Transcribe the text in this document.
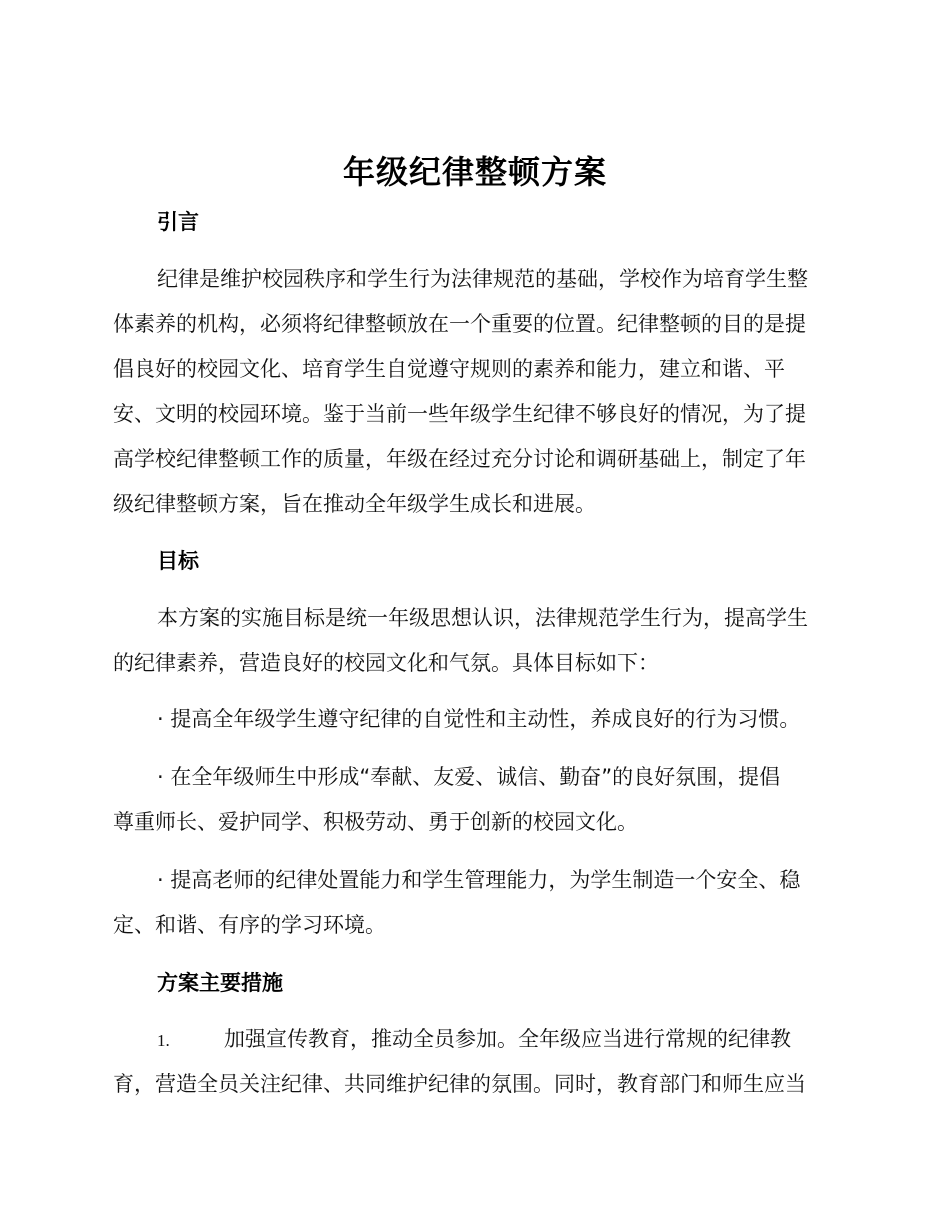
年级纪律整顿方案
引言
纪律是维护校园秩序和学生行为法律规范的基础，学校作为培育学生整
体素养的机构，必须将纪律整顿放在一个重要的位置。纪律整顿的目的是提
倡良好的校园文化、培育学生自觉遵守规则的素养和能力，建立和谐、平
安、文明的校园环境。鉴于当前一些年级学生纪律不够良好的情况，为了提
高学校纪律整顿工作的质量，年级在经过充分讨论和调研基础上，制定了年
级纪律整顿方案，旨在推动全年级学生成长和进展。
目标
本方案的实施目标是统一年级思想认识，法律规范学生行为，提高学生
的纪律素养，营造良好的校园文化和气氛。具体目标如下：
· 提高全年级学生遵守纪律的自觉性和主动性，养成良好的行为习惯。
· 在全年级师生中形成“奉献、友爱、诚信、勤奋”的良好氛围，提倡
尊重师长、爱护同学、积极劳动、勇于创新的校园文化。
· 提高老师的纪律处置能力和学生管理能力，为学生制造一个安全、稳
定、和谐、有序的学习环境。
方案主要措施
1.	加强宣传教育，推动全员参加。全年级应当进行常规的纪律教
育，营造全员关注纪律、共同维护纪律的氛围。同时，教育部门和师生应当
